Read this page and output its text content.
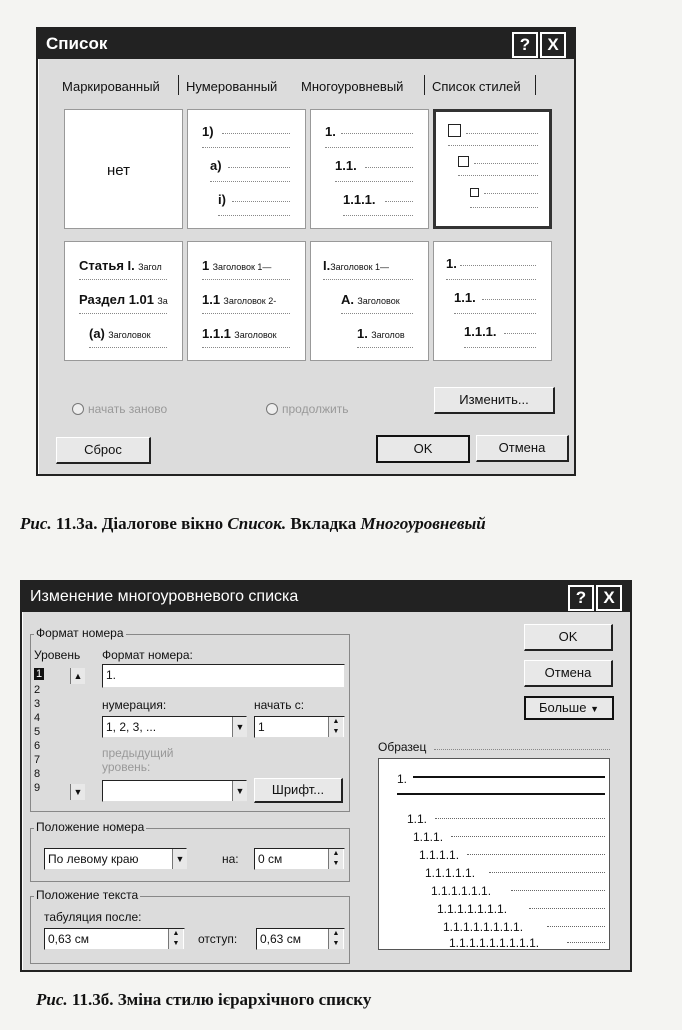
Список	?	X
Маркированный Нумерованный Многоуровневый Список стилей
нет
1)
а)
i)
1.
1.1.
1.1.1.
Статья I. Загол
Раздел 1.01 За
(а) Заголовок
1 Заголовок 1—
1.1 Заголовок 2-
1.1.1 Заголовок
I.Заголовок 1—
А. Заголовок
1. Заголов
1.
1.1.
1.1.1.
начать заново	продолжить
Изменить...
Сброс	OK	Отмена
Рис. 11.3а. Діалогове вікно Список. Вкладка Многоуровневый
Изменение многоуровневого списка	?	X
Формат номера
Уровень Формат номера:
1.
1
2
3
4
5
6
7
8
9	▼
▲
нумерация:
1, 2, 3, ...	▼
начать с:
1	▲
▼
предыдущий уровень:
▼	Шрифт...
Положение номера
По левому краю	▼	на:	0 см	▲
▼
Положение текста
табуляция после:
0,63 см	▲
▼ отступ:	0,63 см	▲
▼
OK
Отмена
Больше ▼
Образец
1.
1.1.
1.1.1.
1.1.1.1.
1.1.1.1.1.
1.1.1.1.1.1.
1.1.1.1.1.1.1.
1.1.1.1.1.1.1.1.
1.1.1.1.1.1.1.1.1.
Рис. 11.3б. Зміна стилю ієрархічного списку
